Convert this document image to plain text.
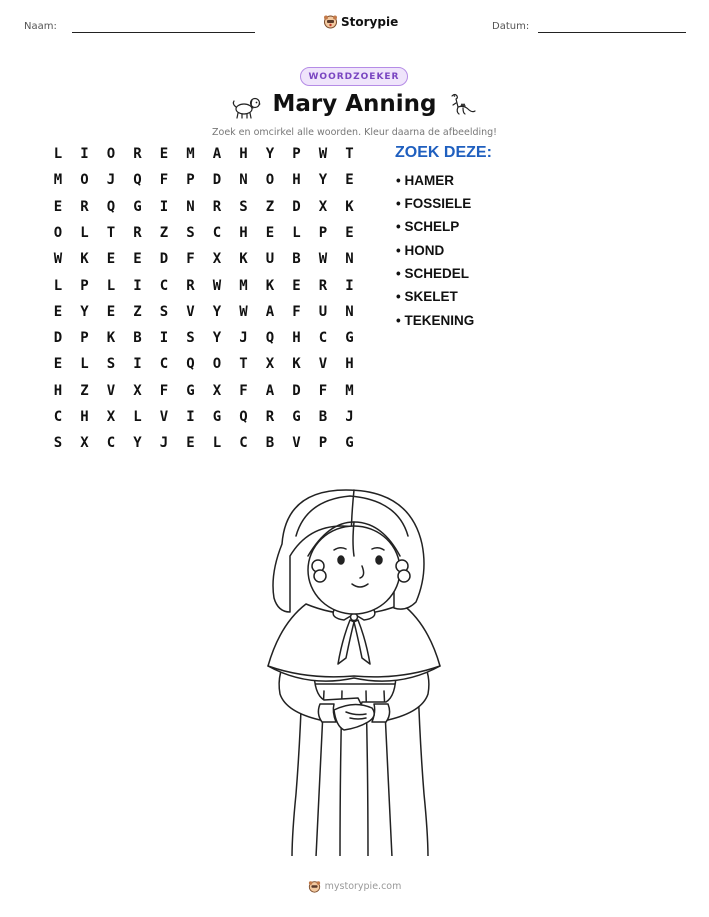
Naam:	Storypie	Datum:
WOORDZOEKER
Mary Anning
Zoek en omcirkel alle woorden. Kleur daarna de afbeelding!
L	I	O	R	E	M	A	H	Y	P	W	T
M	O	J	Q	F	P	D	N	O	H	Y	E
E	R	Q	G	I	N	R	S	Z	D	X	K
O	L	T	R	Z	S	C	H	E	L	P	E
W	K	E	E	D	F	X	K	U	B	W	N
L	P	L	I	C	R	W	M	K	E	R	I
E	Y	E	Z	S	V	Y	W	A	F	U	N
D	P	K	B	I	S	Y	J	Q	H	C	G
E	L	S	I	C	Q	O	T	X	K	V	H
H	Z	V	X	F	G	X	F	A	D	F	M
C	H	X	L	V	I	G	Q	R	G	B	J
S	X	C	Y	J	E	L	C	B	V	P	G
ZOEK DEZE:
• HAMER
• FOSSIELE
• SCHELP
• HOND
• SCHEDEL
• SKELET
• TEKENING
mystorypie.com
